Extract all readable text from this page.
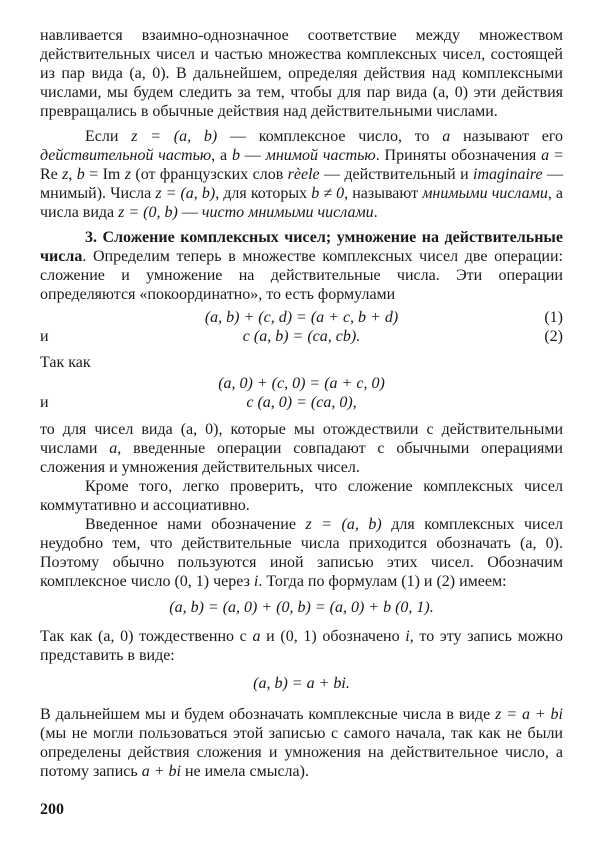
навливается взаимно-однозначное соответствие между множеством действительных чисел и частью множества комплексных чисел, состоящей из пар вида (a, 0). В дальнейшем, определяя действия над комплексными числами, мы будем следить за тем, чтобы для пар вида (a, 0) эти действия превращались в обычные действия над действительными числами.

Если z = (a, b) — комплексное число, то a называют его действительной частью, а b — мнимой частью. Приняты обозначения a = Re z, b = Im z (от французских слов rèele — действительный и imaginaire — мнимый). Числа z = (a, b), для которых b ≠ 0, называют мнимыми числами, а числа вида z = (0, b) — чисто мнимыми числами.

3. Сложение комплексных чисел; умножение на действительные числа. Определим теперь в множестве комплексных чисел две операции: сложение и умножение на действительные числа. Эти операции определяются «покоординатно», то есть формулами

(a, b) + (c, d) = (a + c, b + d)	(1)
и	c (a, b) = (ca, cb).	(2)

Так как

(a, 0) + (c, 0) = (a + c, 0)
и	c (a, 0) = (ca, 0),

то для чисел вида (a, 0), которые мы отождествили с действительными числами a, введенные операции совпадают с обычными операциями сложения и умножения действительных чисел.

Кроме того, легко проверить, что сложение комплексных чисел коммутативно и ассоциативно.

Введенное нами обозначение z = (a, b) для комплексных чисел неудобно тем, что действительные числа приходится обозначать (a, 0). Поэтому обычно пользуются иной записью этих чисел. Обозначим комплексное число (0, 1) через i. Тогда по формулам (1) и (2) имеем:

(a, b) = (a, 0) + (0, b) = (a, 0) + b (0, 1).

Так как (a, 0) тождественно с a и (0, 1) обозначено i, то эту запись можно представить в виде:

(a, b) = a + bi.

В дальнейшем мы и будем обозначать комплексные числа в виде z = a + bi (мы не могли пользоваться этой записью с самого начала, так как не были определены действия сложения и умножения на действительное число, а потому запись a + bi не имела смысла).

200
